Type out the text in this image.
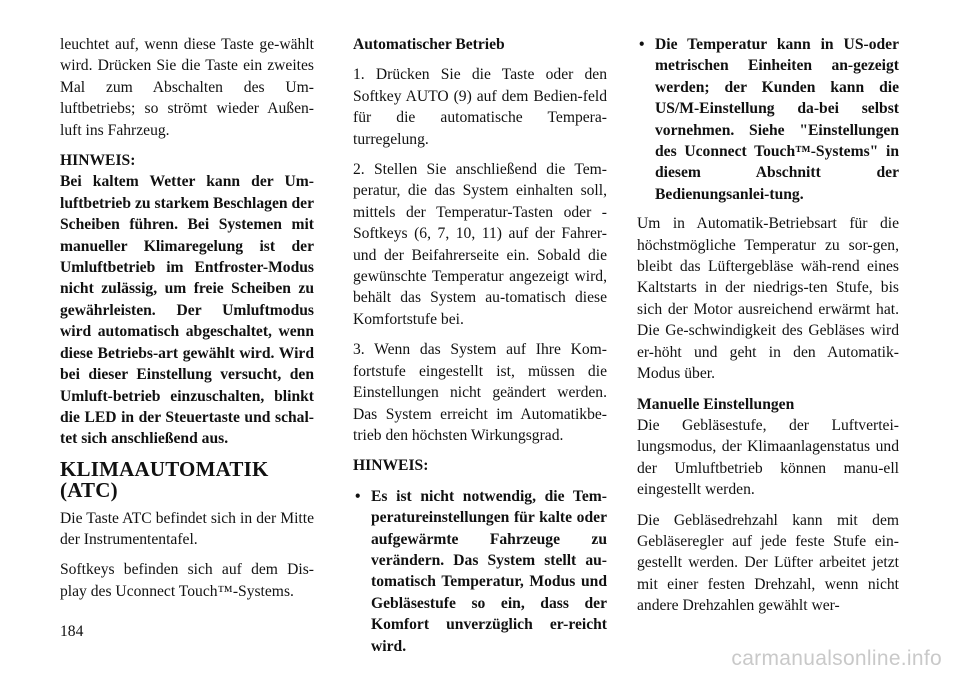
leuchtet auf, wenn diese Taste ge-wählt wird. Drücken Sie die Taste ein zweites Mal zum Abschalten des Um-luftbetriebs; so strömt wieder Außen-luft ins Fahrzeug.

HINWEIS:

Bei kaltem Wetter kann der Um-luftbetrieb zu starkem Beschlagen der Scheiben führen. Bei Systemen mit manueller Klimaregelung ist der Umluftbetrieb im Entfroster-Modus nicht zulässig, um freie Scheiben zu gewährleisten. Der Umluftmodus wird automatisch abgeschaltet, wenn diese Betriebs-art gewählt wird. Wird bei dieser Einstellung versucht, den Umluft-betrieb einzuschalten, blinkt die LED in der Steuertaste und schal-tet sich anschließend aus.

KLIMAAUTOMATIK (ATC)

Die Taste ATC befindet sich in der Mitte der Instrumententafel.

Softkeys befinden sich auf dem Dis-play des Uconnect Touch™-Systems.

Automatischer Betrieb

1. Drücken Sie die Taste oder den Softkey AUTO (9) auf dem Bedien-feld für die automatische Tempera-turregelung.

2. Stellen Sie anschließend die Tem-peratur, die das System einhalten soll, mittels der Temperatur-Tasten oder -Softkeys (6, 7, 10, 11) auf der Fahrer- und der Beifahrerseite ein. Sobald die gewünschte Temperatur angezeigt wird, behält das System au-tomatisch diese Komfortstufe bei.

3. Wenn das System auf Ihre Kom-fortstufe eingestellt ist, müssen die Einstellungen nicht geändert werden. Das System erreicht im Automatikbe-trieb den höchsten Wirkungsgrad.

HINWEIS:

• Es ist nicht notwendig, die Tem-peratureinstellungen für kalte oder aufgewärmte Fahrzeuge zu verändern. Das System stellt au-tomatisch Temperatur, Modus und Gebläsestufe so ein, dass der Komfort unverzüglich er-reicht wird.
• Die Temperatur kann in US-oder metrischen Einheiten an-gezeigt werden; der Kunden kann die US/M-Einstellung da-bei selbst vornehmen. Siehe "Einstellungen des Uconnect Touch™-Systems" in diesem Abschnitt der Bedienungsanlei-tung.

Um in Automatik-Betriebsart für die höchstmögliche Temperatur zu sor-gen, bleibt das Lüftergebläse wäh-rend eines Kaltstarts in der niedrigs-ten Stufe, bis sich der Motor ausreichend erwärmt hat. Die Ge-schwindigkeit des Gebläses wird er-höht und geht in den Automatik-Modus über.

Manuelle Einstellungen

Die Gebläsestufe, der Luftvertei-lungsmodus, der Klimaanlagenstatus und der Umluftbetrieb können manu-ell eingestellt werden.

Die Gebläsedrehzahl kann mit dem Gebläseregler auf jede feste Stufe ein-gestellt werden. Der Lüfter arbeitet jetzt mit einer festen Drehzahl, wenn nicht andere Drehzahlen gewählt wer-

184
carmanualsonline.info
